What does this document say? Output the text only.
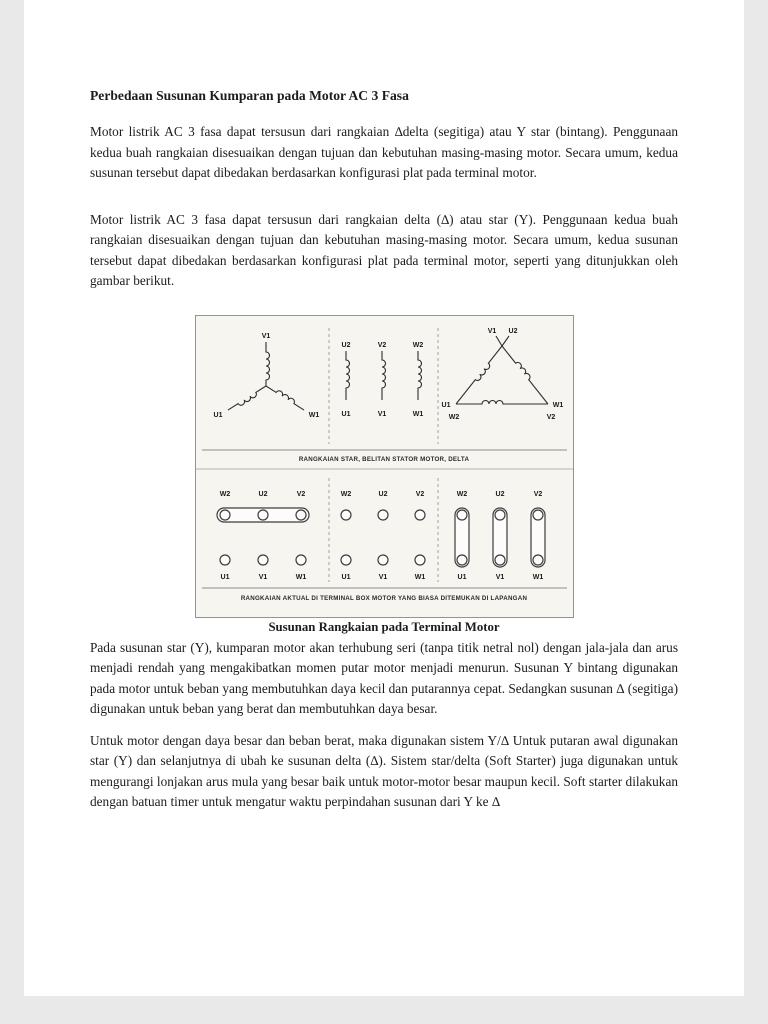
Perbedaan Susunan Kumparan pada Motor AC 3 Fasa

Motor listrik AC 3 fasa dapat tersusun dari rangkaian ∆delta (segitiga) atau Y star (bintang). Penggunaan kedua buah rangkaian disesuaikan dengan tujuan dan kebutuhan masing-masing motor. Secara umum, kedua susunan tersebut dapat dibedakan berdasarkan konfigurasi plat pada terminal motor.

Motor listrik AC 3 fasa dapat tersusun dari rangkaian delta (∆) atau star (Y). Penggunaan kedua buah rangkaian disesuaikan dengan tujuan dan kebutuhan masing-masing motor. Secara umum, kedua susunan tersebut dapat dibedakan berdasarkan konfigurasi plat pada terminal motor, seperti yang ditunjukkan oleh gambar berikut.

V1
U1	W1
U2
U1
V2
V1
W2
W1
V1 U2
U1
W2
W1
V2
RANGKAIAN STAR, BELITAN STATOR MOTOR, DELTA
W2	U2	V2
U1	V1	W1
W2	U2	V2
U1	V1	W1
W2	U2	V2
U1	V1	W1
RANGKAIAN AKTUAL DI TERMINAL BOX MOTOR YANG BIASA DITEMUKAN DI LAPANGAN
Susunan Rangkaian pada Terminal Motor

Pada susunan star (Y), kumparan motor akan terhubung seri (tanpa titik netral nol) dengan jala-jala dan arus menjadi rendah yang mengakibatkan momen putar motor menjadi menurun. Susunan Y bintang digunakan pada motor untuk beban yang membutuhkan daya kecil dan putarannya cepat. Sedangkan susunan ∆ (segitiga) digunakan untuk beban yang berat dan membutuhkan daya besar.

Untuk motor dengan daya besar dan beban berat, maka digunakan sistem Y/∆ Untuk putaran awal digunakan star (Y) dan selanjutnya di ubah ke susunan delta (∆). Sistem star/delta (Soft Starter) juga digunakan untuk mengurangi lonjakan arus mula yang besar baik untuk motor-motor besar maupun kecil. Soft starter dilakukan dengan batuan timer untuk mengatur waktu perpindahan susunan dari Y ke ∆
